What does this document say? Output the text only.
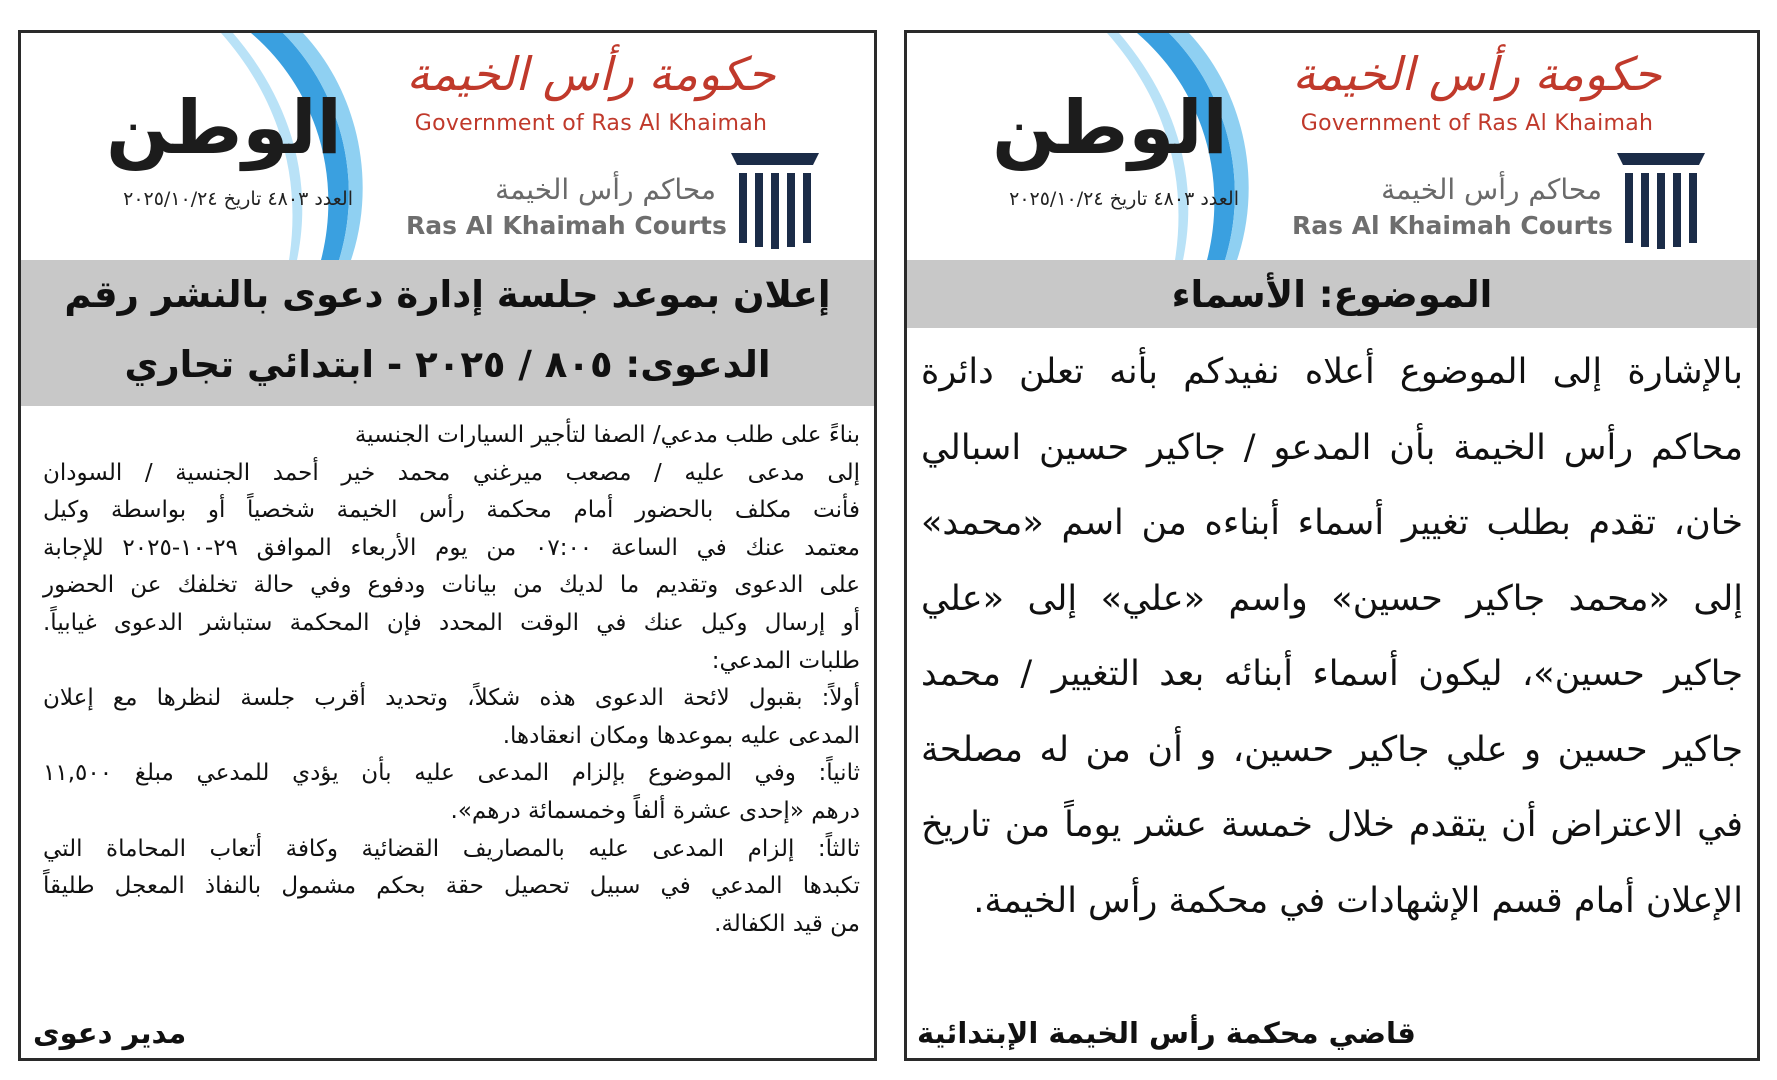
الوطن
العدد ٤٨٠٣ تاريخ ٢٠٢٥/١٠/٢٤
حكومة رأس الخيمة
Government of Ras Al Khaimah
محاكم رأس الخيمة
Ras Al Khaimah Courts
إعلان بموعد جلسة إدارة دعوى بالنشر رقم
الدعوى: ٨٠٥ / ٢٠٢٥ - ابتدائي تجاري
بناءً على طلب مدعي/ الصفا لتأجير السيارات الجنسية
إلى مدعى عليه / مصعب ميرغني محمد خير أحمد الجنسية / السودان
فأنت مكلف بالحضور أمام محكمة رأس الخيمة شخصياً أو بواسطة وكيل
معتمد عنك في الساعة ٠٧:٠٠ من يوم الأربعاء الموافق ٢٩-١٠-٢٠٢٥ للإجابة
على الدعوى وتقديم ما لديك من بيانات ودفوع وفي حالة تخلفك عن الحضور
أو إرسال وكيل عنك في الوقت المحدد فإن المحكمة ستباشر الدعوى غيابياً.
طلبات المدعي:
أولاً: بقبول لائحة الدعوى هذه شكلاً، وتحديد أقرب جلسة لنظرها مع إعلان
المدعى عليه بموعدها ومكان انعقادها.
ثانياً: وفي الموضوع بإلزام المدعى عليه بأن يؤدي للمدعي مبلغ ١١,٥٠٠
درهم «إحدى عشرة ألفاً وخمسمائة درهم».
ثالثاً: إلزام المدعى عليه بالمصاريف القضائية وكافة أتعاب المحاماة التي
تكبدها المدعي في سبيل تحصيل حقة بحكم مشمول بالنفاذ المعجل طليقاً
من قيد الكفالة.
مدير دعوى
الوطن
العدد ٤٨٠٣ تاريخ ٢٠٢٥/١٠/٢٤
حكومة رأس الخيمة
Government of Ras Al Khaimah
محاكم رأس الخيمة
Ras Al Khaimah Courts
الموضوع: الأسماء
بالإشارة إلى الموضوع أعلاه نفيدكم بأنه تعلن دائرة
محاكم رأس الخيمة بأن المدعو / جاكير حسين اسبالي
خان، تقدم بطلب تغيير أسماء أبناءه من اسم «محمد»
إلى «محمد جاكير حسين» واسم «علي» إلى «علي
جاكير حسين»، ليكون أسماء أبنائه بعد التغيير / محمد
جاكير حسين و علي جاكير حسين، و أن من له مصلحة
في الاعتراض أن يتقدم خلال خمسة عشر يوماً من تاريخ
الإعلان أمام قسم الإشهادات في محكمة رأس الخيمة.
قاضي محكمة رأس الخيمة الإبتدائية
